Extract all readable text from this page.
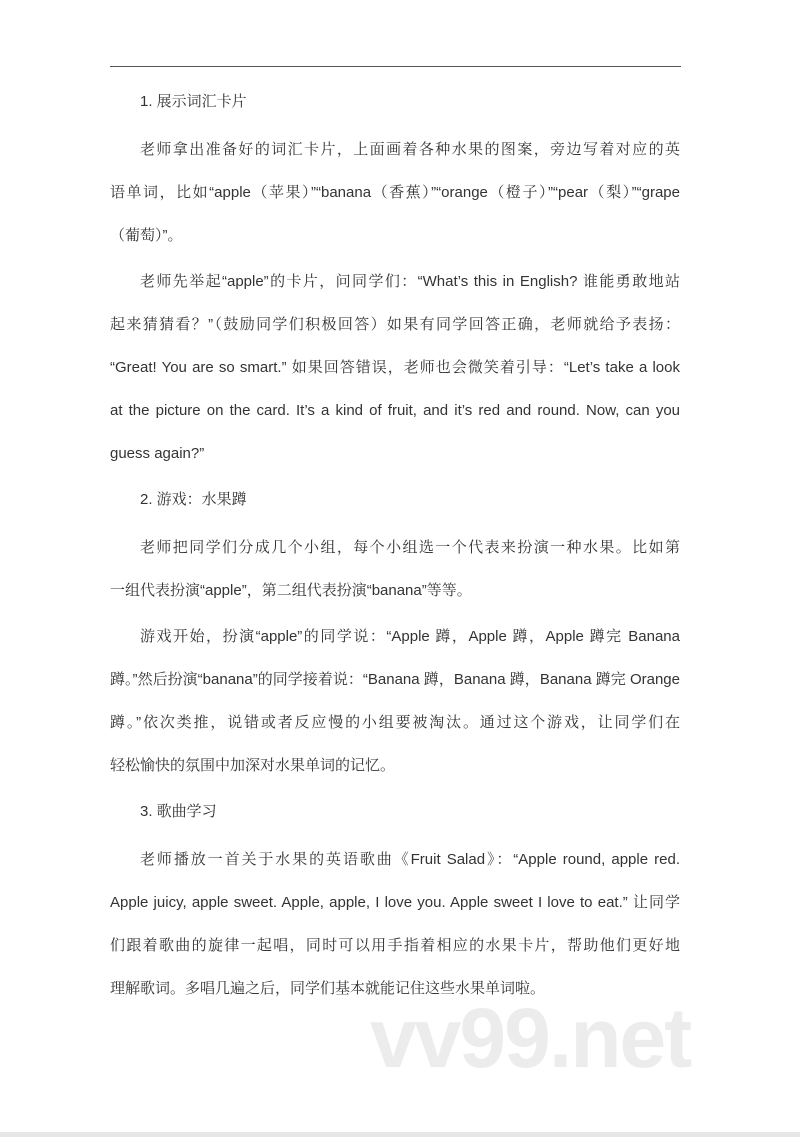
1. 展示词汇卡片
老师拿出准备好的词汇卡片，上面画着各种水果的图案，旁边写着对应的英
语单词，比如“apple（苹果）”“banana（香蕉）”“orange（橙子）”“pear（梨）”“grape
（葡萄）”。
老师先举起“apple”的卡片，问同学们：“What’s this in English? 谁能勇敢地站
起来猜猜看？”（鼓励同学们积极回答）如果有同学回答正确，老师就给予表扬：
“Great! You are so smart.” 如果回答错误，老师也会微笑着引导：“Let’s take a look
at the picture on the card. It’s a kind of fruit, and it’s red and round. Now, can you
guess again?”
2. 游戏：水果蹲
老师把同学们分成几个小组，每个小组选一个代表来扮演一种水果。比如第
一组代表扮演“apple”，第二组代表扮演“banana”等等。
游戏开始，扮演“apple”的同学说：“Apple 蹲，Apple 蹲，Apple 蹲完 Banana
蹲。”然后扮演“banana”的同学接着说：“Banana 蹲，Banana 蹲，Banana 蹲完 Orange
蹲。”依次类推，说错或者反应慢的小组要被淘汰。通过这个游戏，让同学们在
轻松愉快的氛围中加深对水果单词的记忆。
3. 歌曲学习
老师播放一首关于水果的英语歌曲《Fruit Salad》：“Apple round, apple red.
Apple juicy, apple sweet. Apple, apple, I love you. Apple sweet I love to eat.” 让同学
们跟着歌曲的旋律一起唱，同时可以用手指着相应的水果卡片，帮助他们更好地
理解歌词。多唱几遍之后，同学们基本就能记住这些水果单词啦。
vv99.net
